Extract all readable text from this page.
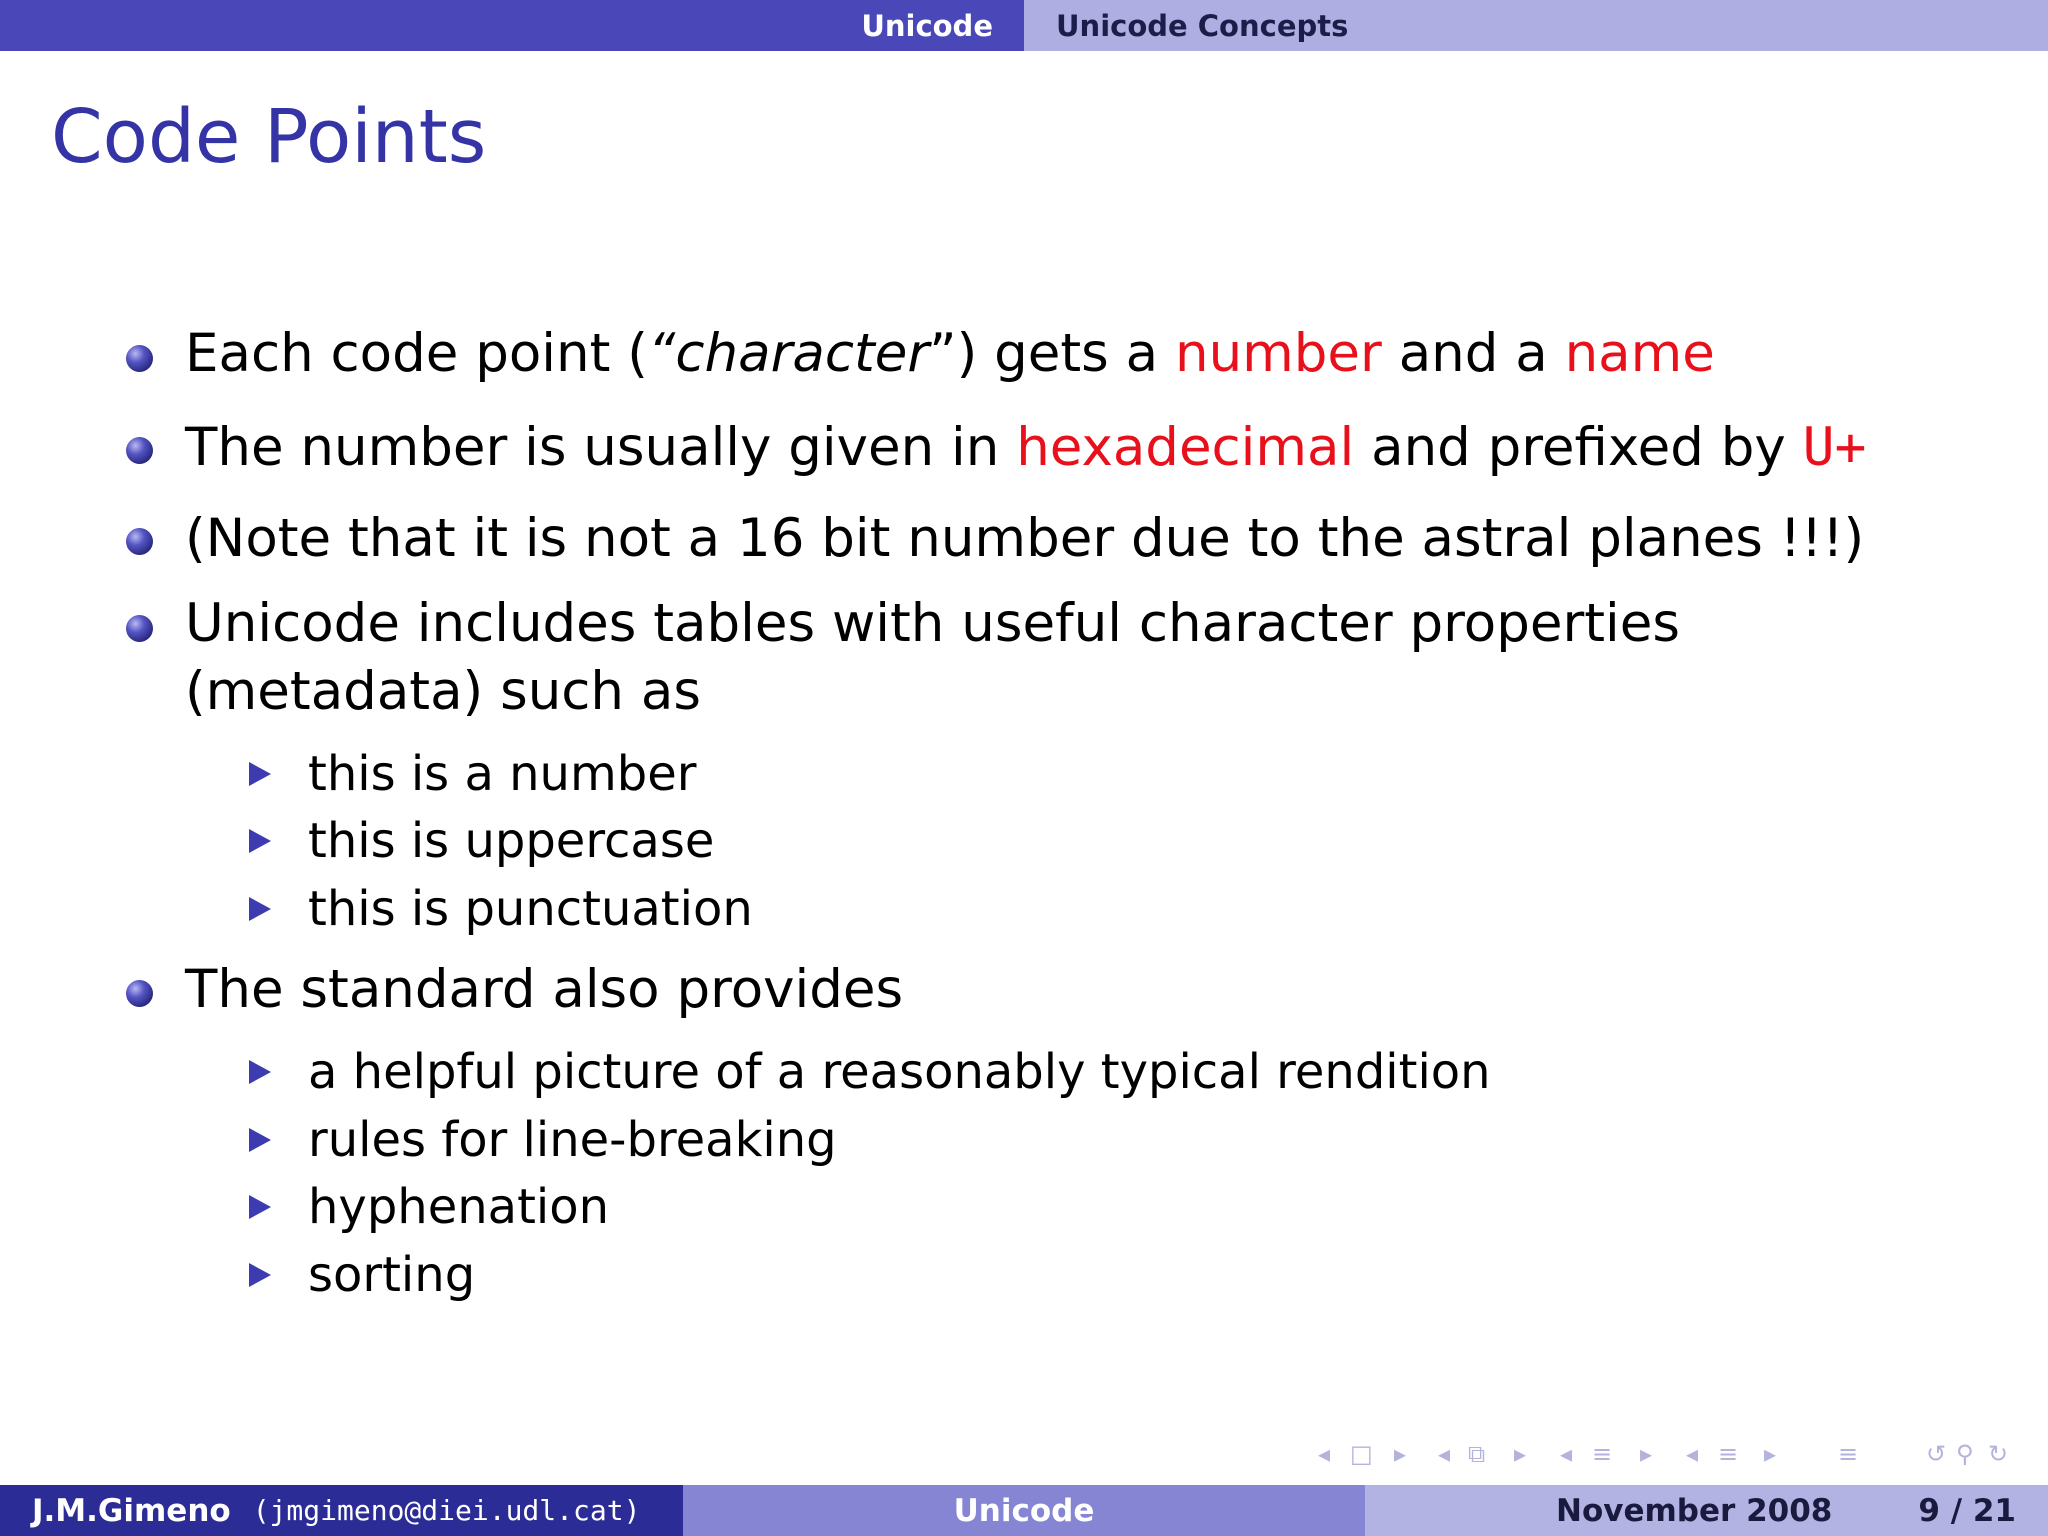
Unicode Unicode Concepts
Code Points
Each code point (“character”) gets a number and a name
The number is usually given in hexadecimal and prefixed by U+
(Note that it is not a 16 bit number due to the astral planes !!!)
Unicode includes tables with useful character properties (metadata) such as
this is a number
this is uppercase
this is punctuation
The standard also provides
a helpful picture of a reasonably typical rendition
rules for line-breaking
hyphenation
sorting
◂ □ ▸ ◂ ⧉ ▸ ◂ ≡ ▸ ◂ ≡ ▸	≡	↺ ⚲ ↻
J.M.Gimeno (jmgimeno@diei.udl.cat)	Unicode	November 2008	9 / 21
